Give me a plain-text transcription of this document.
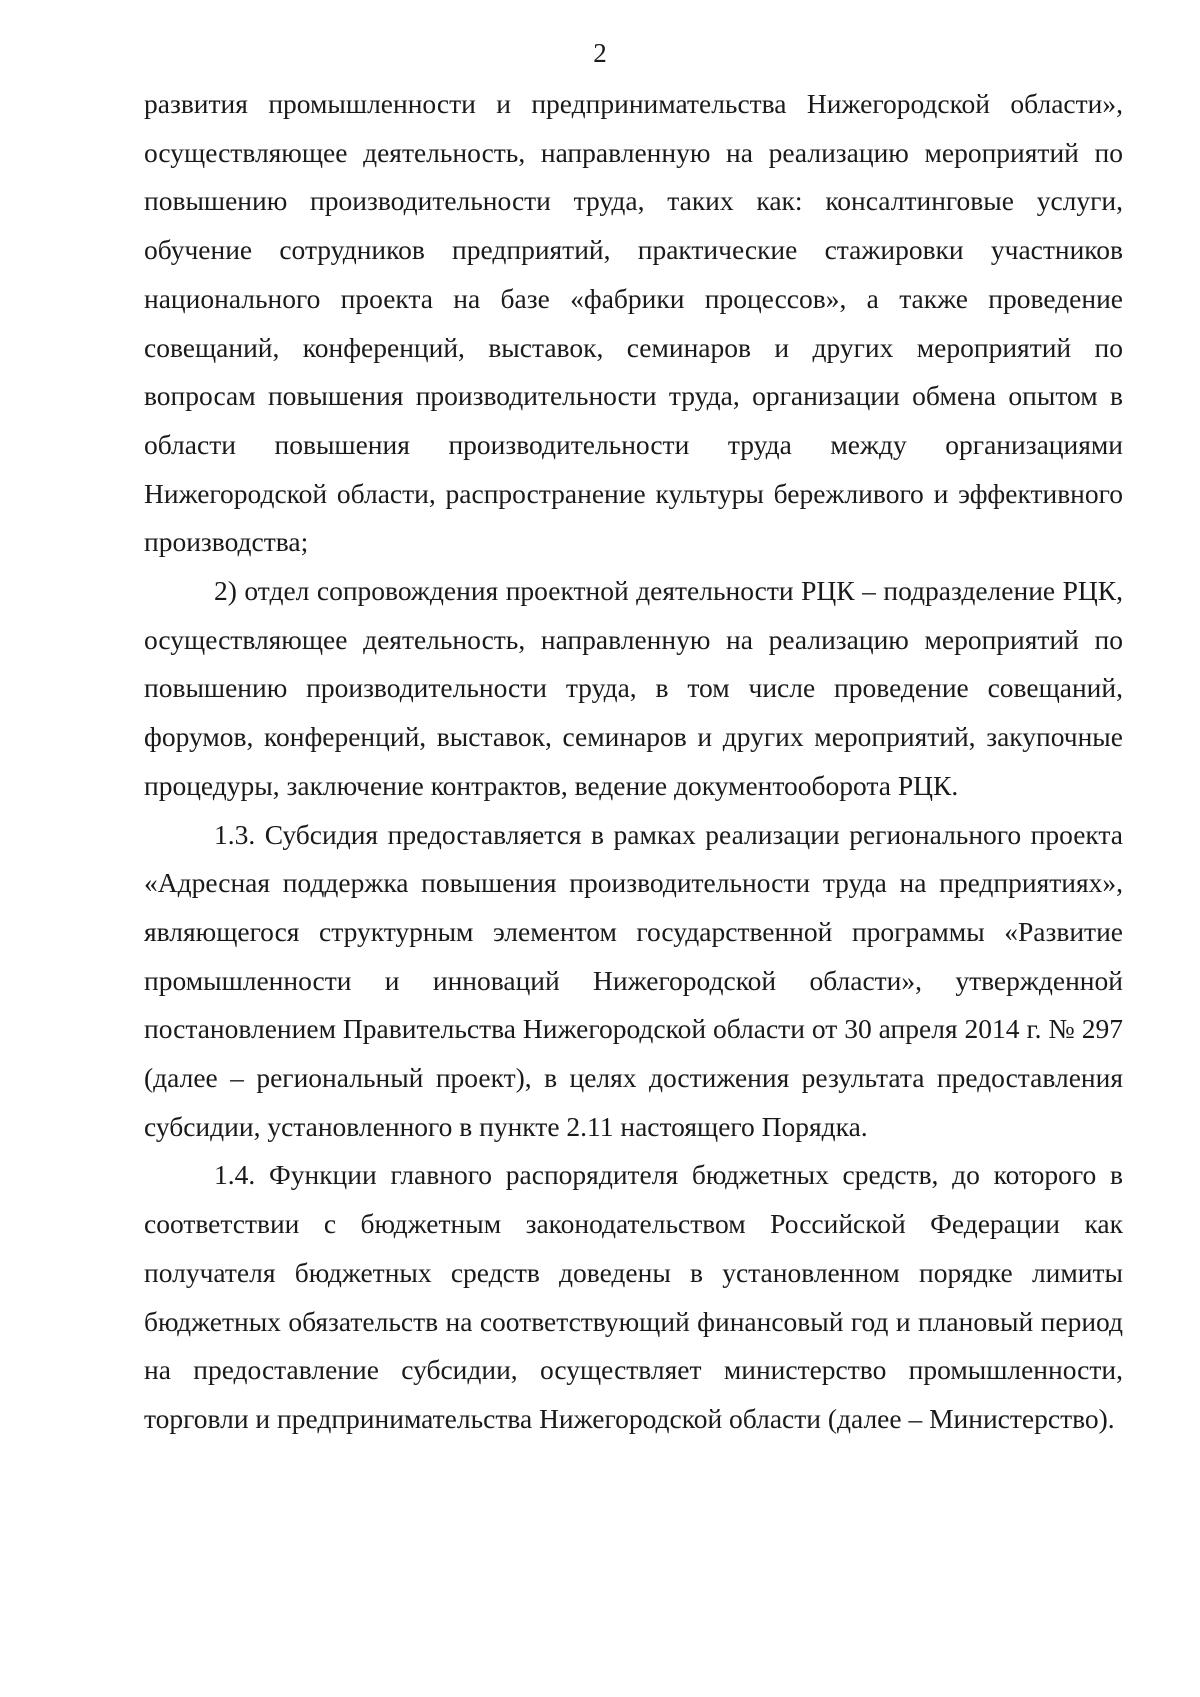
2

развития промышленности и предпринимательства Нижегородской области», осуществляющее деятельность, направленную на реализацию мероприятий по повышению производительности труда, таких как: консалтинговые услуги, обучение сотрудников предприятий, практические стажировки участников национального проекта на базе «фабрики процессов», а также проведение совещаний, конференций, выставок, семинаров и других мероприятий по вопросам повышения производительности труда, организации обмена опытом в области повышения производительности труда между организациями Нижегородской области, распространение культуры бережливого и эффективного производства;

2) отдел сопровождения проектной деятельности РЦК – подразделение РЦК, осуществляющее деятельность, направленную на реализацию мероприятий по повышению производительности труда, в том числе проведение совещаний, форумов, конференций, выставок, семинаров и других мероприятий, закупочные процедуры, заключение контрактов, ведение документооборота РЦК.

1.3. Субсидия предоставляется в рамках реализации регионального проекта «Адресная поддержка повышения производительности труда на предприятиях», являющегося структурным элементом государственной программы «Развитие промышленности и инноваций Нижегородской области», утвержденной постановлением Правительства Нижегородской области от 30 апреля 2014 г. № 297 (далее – региональный проект), в целях достижения результата предоставления субсидии, установленного в пункте 2.11 настоящего Порядка.

1.4. Функции главного распорядителя бюджетных средств, до которого в соответствии с бюджетным законодательством Российской Федерации как получателя бюджетных средств доведены в установленном порядке лимиты бюджетных обязательств на соответствующий финансовый год и плановый период на предоставление субсидии, осуществляет министерство промышленности, торговли и предпринимательства Нижегородской области (далее – Министерство).
